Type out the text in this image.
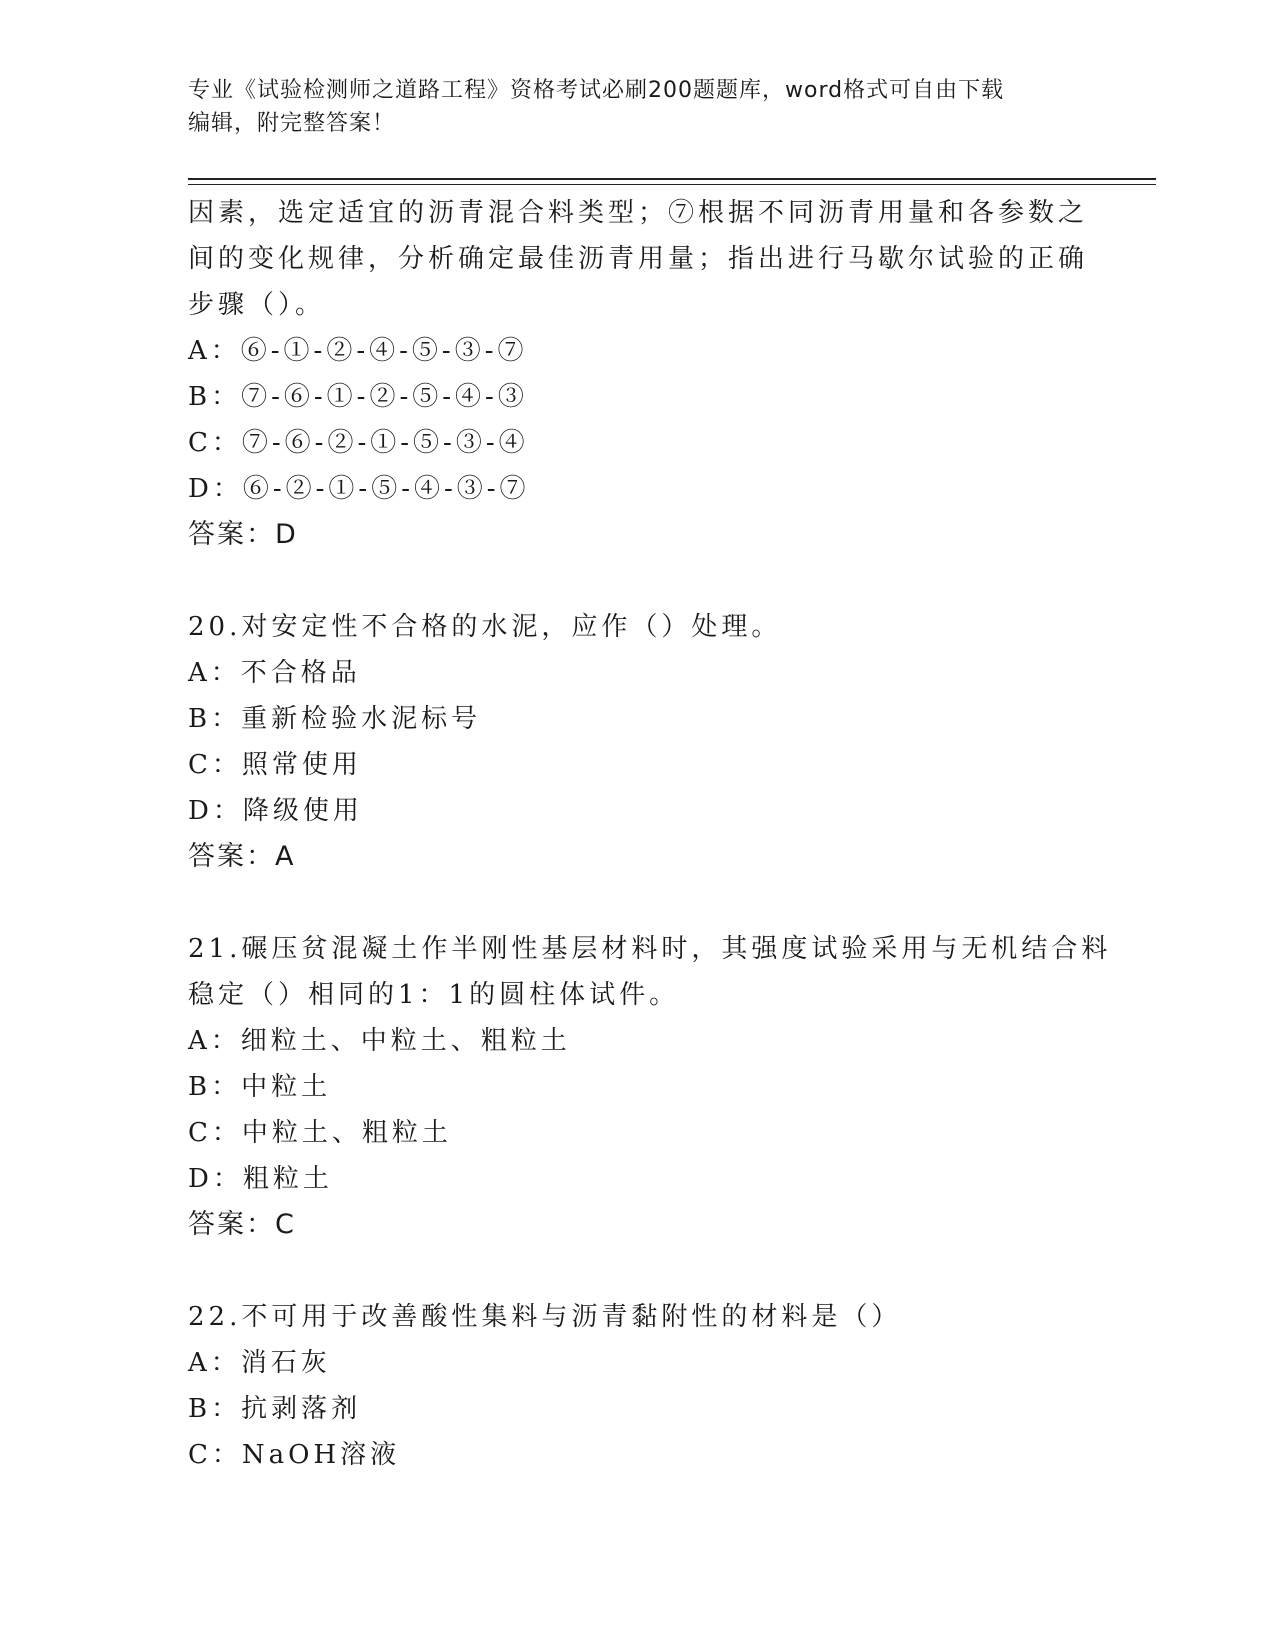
专业《试验检测师之道路工程》资格考试必刷200题题库，word格式可自由下载
编辑，附完整答案！
因素，选定适宜的沥青混合料类型；⑦根据不同沥青用量和各参数之
间的变化规律，分析确定最佳沥青用量；指出进行马歇尔试验的正确
步骤（）。
A：⑥-①-②-④-⑤-③-⑦
B：⑦-⑥-①-②-⑤-④-③
C：⑦-⑥-②-①-⑤-③-④
D：⑥-②-①-⑤-④-③-⑦
答案：D
20.对安定性不合格的水泥，应作（）处理。
A：不合格品
B：重新检验水泥标号
C：照常使用
D：降级使用
答案：A
21.碾压贫混凝土作半刚性基层材料时，其强度试验采用与无机结合料
稳定（）相同的1：1的圆柱体试件。
A：细粒土、中粒土、粗粒土
B：中粒土
C：中粒土、粗粒土
D：粗粒土
答案：C
22.不可用于改善酸性集料与沥青黏附性的材料是（）
A：消石灰
B：抗剥落剂
C：NaOH溶液
